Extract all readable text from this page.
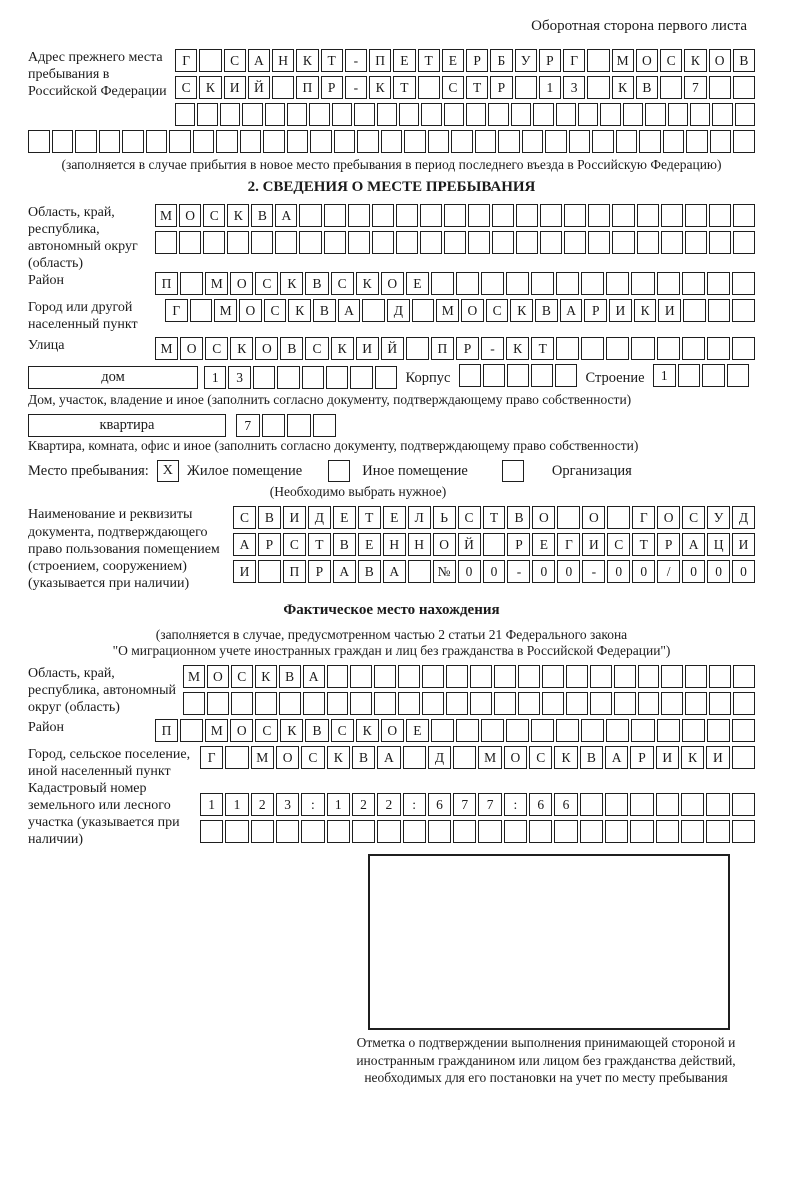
Оборотная сторона первого листа
Адрес прежнего места пребывания в Российской Федерации
Г	С	А	Н	К	Т	-	П	Е	Т	Е	Р	Б	У	Р	Г	М О	С	К	О	В
С	К	И	Й	П	Р	-	К	Т	С	Т	Р	1	3	К	В	7
(заполняется в случае прибытия в новое место пребывания в период последнего въезда в Российскую Федерацию)
2. СВЕДЕНИЯ О МЕСТЕ ПРЕБЫВАНИЯ
Область, край, республика, автономный округ (область)
М О	С	К	В	А
Район	П	М	О	С	К	В	С	К	О	Е
Город или другой населенный пункт
Г	М	О	С	К	В	А	Д	М	О	С	К	В	А	Р	И	К	И
Улица	М	О	С	К	О	В	С	К	И	Й	П	Р	-	К	Т
дом	1	3	Корпус	Строение	1
Дом, участок, владение и иное (заполнить согласно документу, подтверждающему право собственности)
квартира	7
Квартира, комната, офис и иное (заполнить согласно документу, подтверждающему право собственности)
Место пребывания: X Жилое помещение	Иное помещение	Организация
(Необходимо выбрать нужное)
Наименование и реквизиты документа, подтверждающего право пользования помещением (строением, сооружением) (указывается при наличии)
С	В	И	Д	Е	Т	Е	Л	Ь	С	Т	В	О	О	Г	О	С	У	Д
А	Р	С	Т	В	Е	Н	Н	О	Й	Р	Е	Г	И	С	Т	Р	А	Ц	И
И	П	Р	А	В	А	№	0	0	-	0	0	-	0	0	/	0	0	0
Фактическое место нахождения
(заполняется в случае, предусмотренном частью 2 статьи 21 Федерального закона
"О миграционном учете иностранных граждан и лиц без гражданства в Российской Федерации")
Область, край, республика, автономный округ (область)
М О	С	К	В	А
Район	П	М	О	С	К	В	С	К	О	Е
Город, сельское поселение, иной населенный пункт
Г	М	О	С	К	В	А	Д	М	О	С	К	В	А	Р	И	К	И
Кадастровый номер земельного или лесного участка (указывается при наличии)
1	1	2	3	:	1	2	2	:	6	7	7	:	6	6
Отметка о подтверждении выполнения принимающей стороной и иностранным гражданином или лицом без гражданства действий, необходимых для его постановки на учет по месту пребывания
